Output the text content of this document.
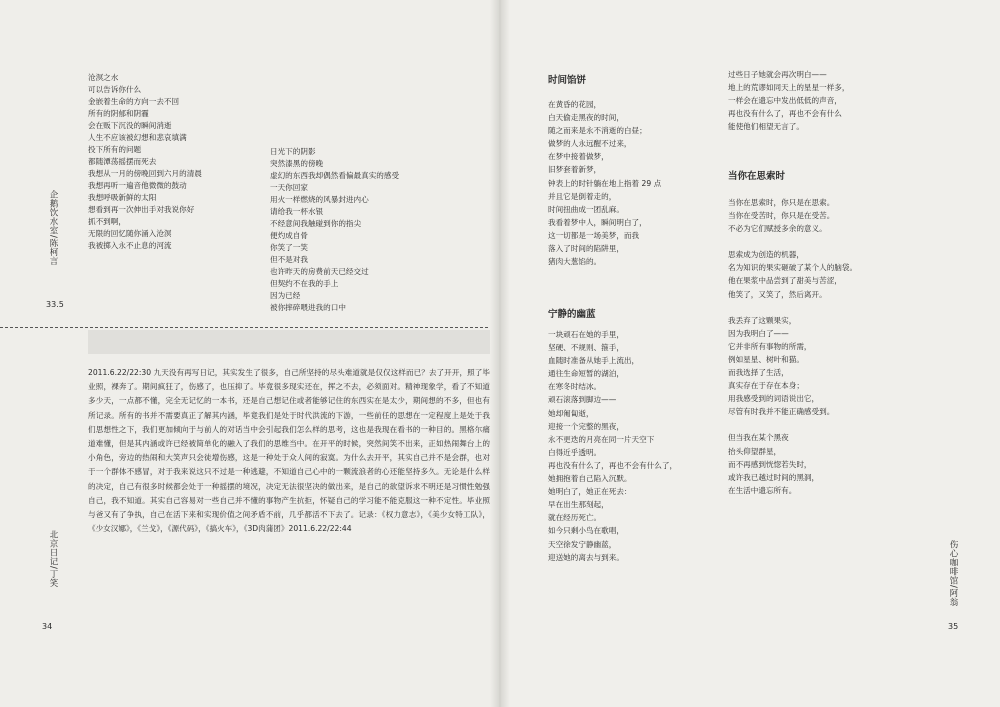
企鹅饮水室/陈柯言
33.5
沧溟之水
可以告诉你什么
金嵌着生命的方向一去不回
所有的阴郁和阴霾
会在贩下沉没的瞬间消逝
人生不应该被幻想和悲哀填满
投下所有的问题
都随潭荡摇摆而死去
我想从一月的傍晚回到六月的清晨
我想再听一遍音他微微的鼓动
我想呼吸新鲜的太阳
想看到再一次伸出手对我说你好
抓不到啊，
无限的回忆随你涌入沧溟
我被掷入永不止息的河流
日光下的阴影
突然漆黑的傍晚
虚幻的东西我却偶然看偏最真实的感受
一天你回家
用火一样燃烧的风暴封进内心
请给我一杯水银
不经意间我触碰到你的指尖
便灼成自骨
你笑了一笑
但不是对我
也许昨天的房费前天已经交过
但契约不在我的手上
因为已经
被你摔碎喂进我的口中
2011.6.22/22:30 九天没有再写日记，其实发生了很多，自己所坚持的尽头难道就是仅仅这样而已？去了开开，照了毕业照，裸奔了。期间疯狂了，伤感了，也压抑了。毕竟很多现实还在，挥之不去，必须面对。精神现象学，看了不知道多少天，一点都不懂，完全无记忆的一本书，还是自己想记住或者能够记住的东西实在是太少，期间想的不多，但也有所记录。所有的书并不需要真正了解其内涵，毕竟我们是处于时代洪流的下游，一些前任的思想在一定程度上是处于我们思想性之下，我们更加倾向于与前人的对话当中会引起我们怎么样的思考，这也是我现在看书的一种目的。黑格尔痛道难懂，但是其内涵或许已经被简单化的融入了我们的思维当中。在开平的时候，突然间笑不出来，正如热闹舞台上的小角色，旁边的热闹和大笑声只会徒增伤感，这是一种处于众人间的寂寞。为什么去开平，其实自己并不是会群，也对于一个群体不感冒，对于我来说这只不过是一种逃避，不知道自己心中的一颗流浪者的心还能坚持多久。无论是什么样的决定，自己有很多时候都会处于一种摇摆的境况，决定无法很坚决的做出来，是自己的欲望诉求不明还是习惯性勉强自己，我不知道。其实自己容易对一些自己并不懂的事物产生抗拒，怀疑自己的学习能不能克服这一种不定性。毕业照与爸又有了争执，自己在活下来和实现价值之间矛盾不前，几乎都活不下去了。记录：《权力意志》，《美少女特工队》，《少女汉娜》，《兰戈》，《源代码》，《搞火车》，《3D肉蒲团》2011.6.22/22:44
北京日记/丁笑
34
时间馅饼
在黄昏的花园，
白天偷走黑夜的时间，
随之而来是永不消逝的白昼；
做梦的人永远醒不过来，
在梦中接着做梦，
旧梦套着新梦，
钟表上的时针躺在地上指着 29 点
并且它是倒着走的，
时间扭曲成一团乱麻。
我看着梦中人，瞬间明白了，
这一切都是一场美梦，而我
落入了时间的陷阱里，
猪肉大葱馅的。
宁静的幽蓝
一块顽石在她的手里，
坚硬、不规则、箍手，
血随时准备从她手上流出，
通往生命短暂的湖泊，
在寒冬时结冰。
顽石滚落到脚边——
她却匍匐逝，
迎接一个完整的黑夜，
永不更迭的月亮在同一片天空下
白得近乎透明。
再也没有什么了，再也不会有什么了，
她拥抱着自己陷入沉默。
她明白了，她正在死去：
早在出生那刻起，
就在经历死亡。
如今只剩小鸟在歌唱，
天空徐发宁静幽蓝，
迎送她的离去与到来。
过些日子她就会再次明白——
地上的荒谬如同天上的星星一样多，
一样会在遗忘中发出低低的声音，
再也没有什么了，再也不会有什么
能使他们相望无言了。
当你在思索时
当你在思索时，你只是在思索。
当你在受苦时，你只是在受苦。
不必为它们赋授多余的意义。
思索成为创造的机器，
名为知识的果实砸破了某个人的脑袋。
他在果浆中品尝到了甜美与苦涩，
他笑了，又笑了，然后离开。
我丢弃了这颗果实，
因为我明白了——
它并非所有事物的所需，
例如星星、树叶和猫。
而我选择了生活，
真实存在于存在本身；
用我感受到的词语说出它，
尽管有时我并不能正确感受到。
但当我在某个黑夜
抬头仰望群星，
而不再感到恍惚若失时，
或许我已越过时间的黑洞，
在生活中遗忘所有。
伤心咖啡馆/阿翁
35
